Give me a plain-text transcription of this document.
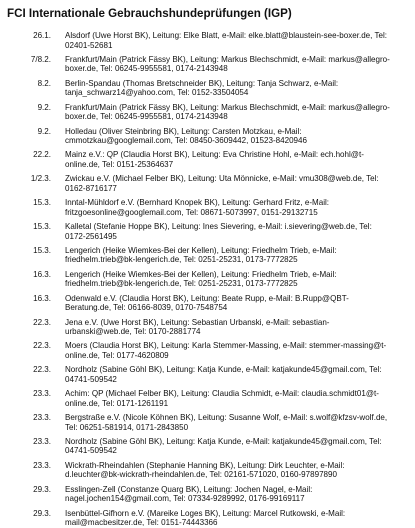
FCI Internationale Gebrauchshundeprüfungen (IGP)
26.1.	Alsdorf (Uwe Horst BK), Leitung: Elke Blatt, e-Mail: elke.blatt@blaustein-see-boxer.de, Tel:
02401-52681
7/8.2.	Frankfurt/Main (Patrick Fässy BK), Leitung: Markus Blechschmidt, e-Mail: markus@allegro-
boxer.de, Tel: 06245-9955581, 0174-2143948
8.2.	Berlin-Spandau (Thomas Bretschneider BK), Leitung: Tanja Schwarz, e-Mail:
tanja_schwarz14@yahoo.com, Tel: 0152-33504054
9.2.	Frankfurt/Main (Patrick Fässy BK), Leitung: Markus Blechschmidt, e-Mail: markus@allegro-
boxer.de, Tel: 06245-9955581, 0174-2143948
9.2.	Holledau (Oliver Steinbring BK), Leitung: Carsten Motzkau, e-Mail:
cmmotzkau@googlemail.com, Tel: 08450-3609442, 01523-8420946
22.2.	Mainz e.V.: QP (Claudia Horst BK), Leitung: Eva Christine Hohl, e-Mail: ech.hohl@t-
online.de, Tel: 0151-25364637
1/2.3.	Zwickau e.V. (Michael Felber BK), Leitung: Uta Mönnicke, e-Mail: vmu308@web.de, Tel:
0162-8716177
15.3.	Inntal-Mühldorf e.V. (Bernhard Knopek BK), Leitung: Gerhard Fritz, e-Mail:
fritzgoesonline@googlemail.com, Tel: 08671-5073997, 0151-29132715
15.3.	Kalletal (Stefanie Hoppe BK), Leitung: Ines Sievering, e-Mail: i.sievering@web.de, Tel:
0172-2561495
15.3.	Lengerich (Heike Wiemkes-Bei der Kellen), Leitung: Friedhelm Trieb, e-Mail:
friedhelm.trieb@bk-lengerich.de, Tel: 0251-25231, 0173-7772825
16.3.	Lengerich (Heike Wiemkes-Bei der Kellen), Leitung: Friedhelm Trieb, e-Mail:
friedhelm.trieb@bk-lengerich.de, Tel: 0251-25231, 0173-7772825
16.3.	Odenwald e.V. (Claudia Horst BK), Leitung: Beate Rupp, e-Mail: B.Rupp@QBT-
Beratung.de, Tel: 06166-8039, 0170-7548754
22.3.	Jena e.V. (Uwe Horst BK), Leitung: Sebastian Urbanski, e-Mail: sebastian-
urbanski@web.de, Tel: 0170-2881774
22.3.	Moers (Claudia Horst BK), Leitung: Karla Stemmer-Massing, e-Mail: stemmer-massing@t-
online.de, Tel: 0177-4620809
22.3.	Nordholz (Sabine Göhl BK), Leitung: Katja Kunde, e-Mail: katjakunde45@gmail.com, Tel:
04741-509542
23.3.	Achim: QP (Michael Felber BK), Leitung: Claudia Schmidt, e-Mail: claudia.schmidt01@t-
online.de, Tel: 0171-1261191
23.3.	Bergstraße e.V. (Nicole Köhnen BK), Leitung: Susanne Wolf, e-Mail: s.wolf@kfzsv-wolf.de,
Tel: 06251-581914, 0171-2843850
23.3.	Nordholz (Sabine Göhl BK), Leitung: Katja Kunde, e-Mail: katjakunde45@gmail.com, Tel:
04741-509542
23.3.	Wickrath-Rheindahlen (Stephanie Hanning BK), Leitung: Dirk Leuchter, e-Mail:
d.leuchter@bk-wickrath-rheindahlen.de, Tel: 02161-571020, 0160-97897890
29.3.	Esslingen-Zell (Constanze Quarg BK), Leitung: Jochen Nagel, e-Mail:
nagel.jochen154@gmail.com, Tel: 07334-9289992, 0176-99169117
29.3.	Isenbüttel-Gifhorn e.V. (Mareike Loges BK), Leitung: Marcel Rutkowski, e-Mail:
mail@macbesitzer.de, Tel: 0151-74443366
